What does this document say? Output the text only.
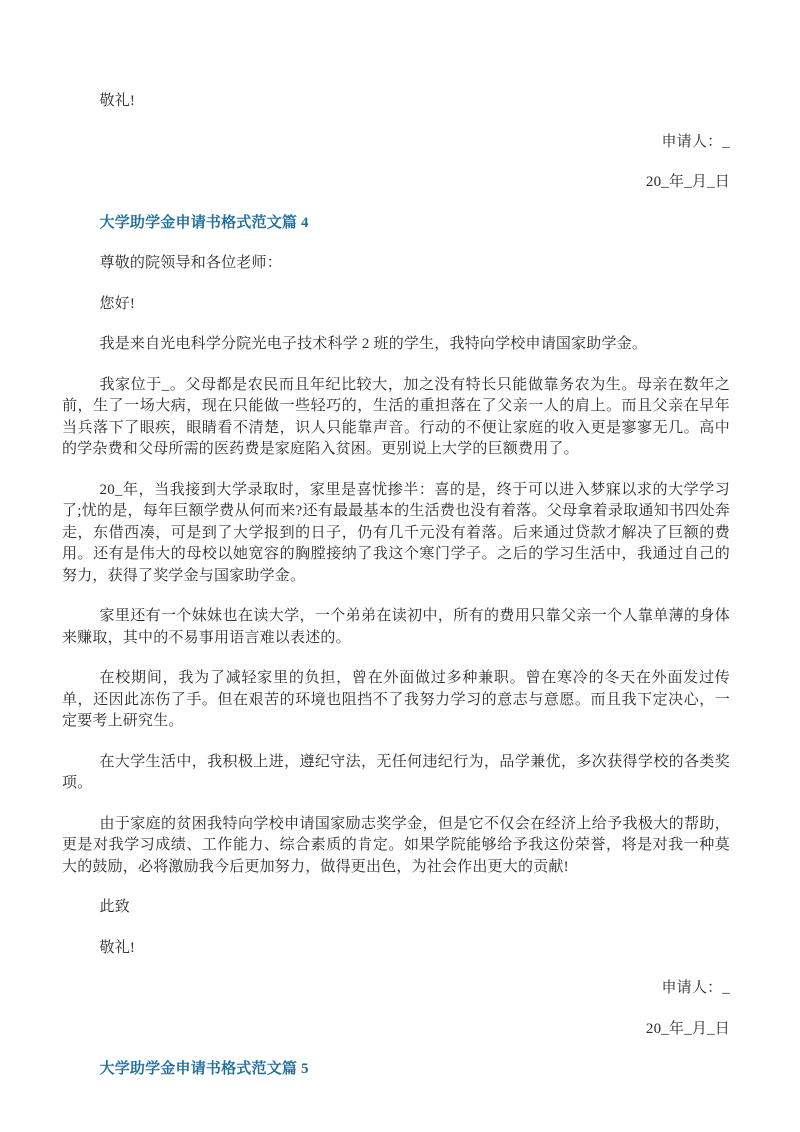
敬礼!

申请人：_

20_年_月_日

大学助学金申请书格式范文篇 4

尊敬的院领导和各位老师：

您好!

我是来自光电科学分院光电子技术科学 2 班的学生，我特向学校申请国家助学金。

我家位于_。父母都是农民而且年纪比较大，加之没有特长只能做靠务农为生。母亲在数年之前，生了一场大病，现在只能做一些轻巧的，生活的重担落在了父亲一人的肩上。而且父亲在早年当兵落下了眼疾，眼睛看不清楚，识人只能靠声音。行动的不便让家庭的收入更是寥寥无几。高中的学杂费和父母所需的医药费是家庭陷入贫困。更别说上大学的巨额费用了。

20_年，当我接到大学录取时，家里是喜忧掺半：喜的是，终于可以进入梦寐以求的大学学习了;忧的是，每年巨额学费从何而来?还有最最基本的生活费也没有着落。父母拿着录取通知书四处奔走，东借西凑，可是到了大学报到的日子，仍有几千元没有着落。后来通过贷款才解决了巨额的费用。还有是伟大的母校以她宽容的胸膛接纳了我这个寒门学子。之后的学习生活中，我通过自己的努力，获得了奖学金与国家助学金。

家里还有一个妹妹也在读大学，一个弟弟在读初中，所有的费用只靠父亲一个人靠单薄的身体来赚取，其中的不易事用语言难以表述的。

在校期间，我为了减轻家里的负担，曾在外面做过多种兼职。曾在寒冷的冬天在外面发过传单，还因此冻伤了手。但在艰苦的环境也阻挡不了我努力学习的意志与意愿。而且我下定决心，一定要考上研究生。

在大学生活中，我积极上进，遵纪守法，无任何违纪行为，品学兼优，多次获得学校的各类奖项。

由于家庭的贫困我特向学校申请国家励志奖学金，但是它不仅会在经济上给予我极大的帮助，更是对我学习成绩、工作能力、综合素质的肯定。如果学院能够给予我这份荣誉，将是对我一种莫大的鼓励，必将激励我今后更加努力，做得更出色，为社会作出更大的贡献!

此致

敬礼!

申请人：_

20_年_月_日

大学助学金申请书格式范文篇 5
